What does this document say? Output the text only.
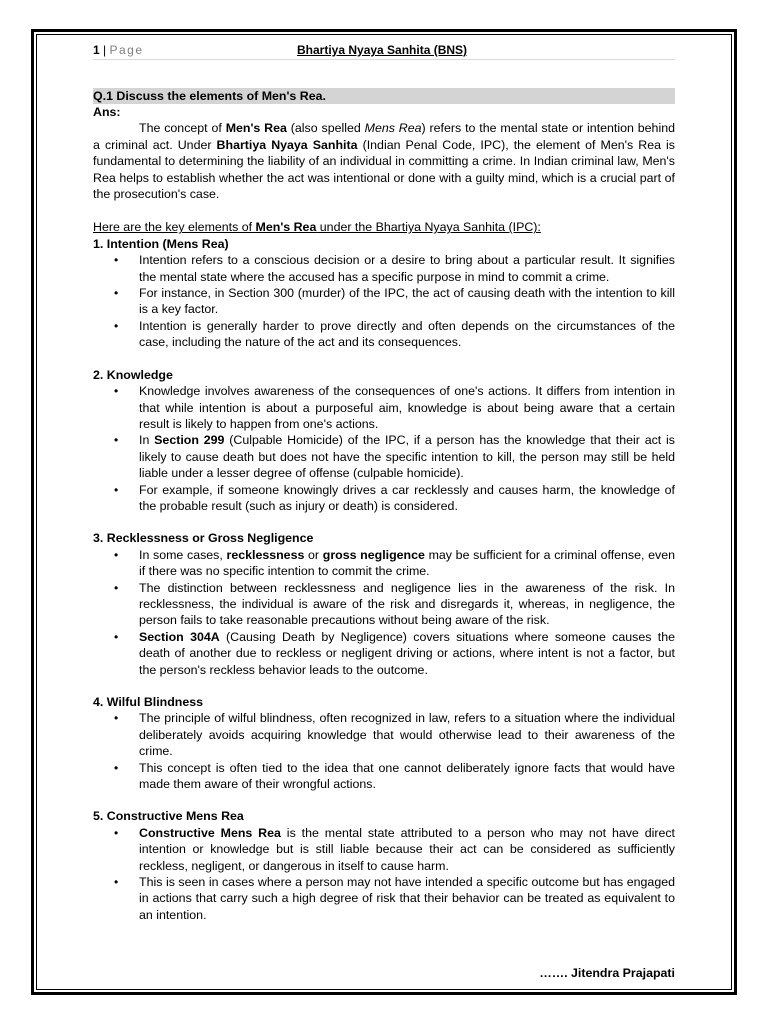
1 | Page	Bhartiya Nyaya Sanhita (BNS)
Q.1 Discuss the elements of Men's Rea.
Ans:

The concept of Men's Rea (also spelled Mens Rea) refers to the mental state or intention behind a criminal act. Under Bhartiya Nyaya Sanhita (Indian Penal Code, IPC), the element of Men's Rea is fundamental to determining the liability of an individual in committing a crime. In Indian criminal law, Men's Rea helps to establish whether the act was intentional or done with a guilty mind, which is a crucial part of the prosecution's case.

Here are the key elements of Men's Rea under the Bhartiya Nyaya Sanhita (IPC):

1. Intention (Mens Rea)
• Intention refers to a conscious decision or a desire to bring about a particular result. It signifies the mental state where the accused has a specific purpose in mind to commit a crime.
• For instance, in Section 300 (murder) of the IPC, the act of causing death with the intention to kill is a key factor.
• Intention is generally harder to prove directly and often depends on the circumstances of the case, including the nature of the act and its consequences.
2. Knowledge
• Knowledge involves awareness of the consequences of one's actions. It differs from intention in that while intention is about a purposeful aim, knowledge is about being aware that a certain result is likely to happen from one's actions.
• In Section 299 (Culpable Homicide) of the IPC, if a person has the knowledge that their act is likely to cause death but does not have the specific intention to kill, the person may still be held liable under a lesser degree of offense (culpable homicide).
• For example, if someone knowingly drives a car recklessly and causes harm, the knowledge of the probable result (such as injury or death) is considered.
3. Recklessness or Gross Negligence
• In some cases, recklessness or gross negligence may be sufficient for a criminal offense, even if there was no specific intention to commit the crime.
• The distinction between recklessness and negligence lies in the awareness of the risk. In recklessness, the individual is aware of the risk and disregards it, whereas, in negligence, the person fails to take reasonable precautions without being aware of the risk.
• Section 304A (Causing Death by Negligence) covers situations where someone causes the death of another due to reckless or negligent driving or actions, where intent is not a factor, but the person's reckless behavior leads to the outcome.
4. Wilful Blindness
• The principle of wilful blindness, often recognized in law, refers to a situation where the individual deliberately avoids acquiring knowledge that would otherwise lead to their awareness of the crime.
• This concept is often tied to the idea that one cannot deliberately ignore facts that would have made them aware of their wrongful actions.
5. Constructive Mens Rea
• Constructive Mens Rea is the mental state attributed to a person who may not have direct intention or knowledge but is still liable because their act can be considered as sufficiently reckless, negligent, or dangerous in itself to cause harm.
• This is seen in cases where a person may not have intended a specific outcome but has engaged in actions that carry such a high degree of risk that their behavior can be treated as equivalent to an intention.
……. Jitendra Prajapati
